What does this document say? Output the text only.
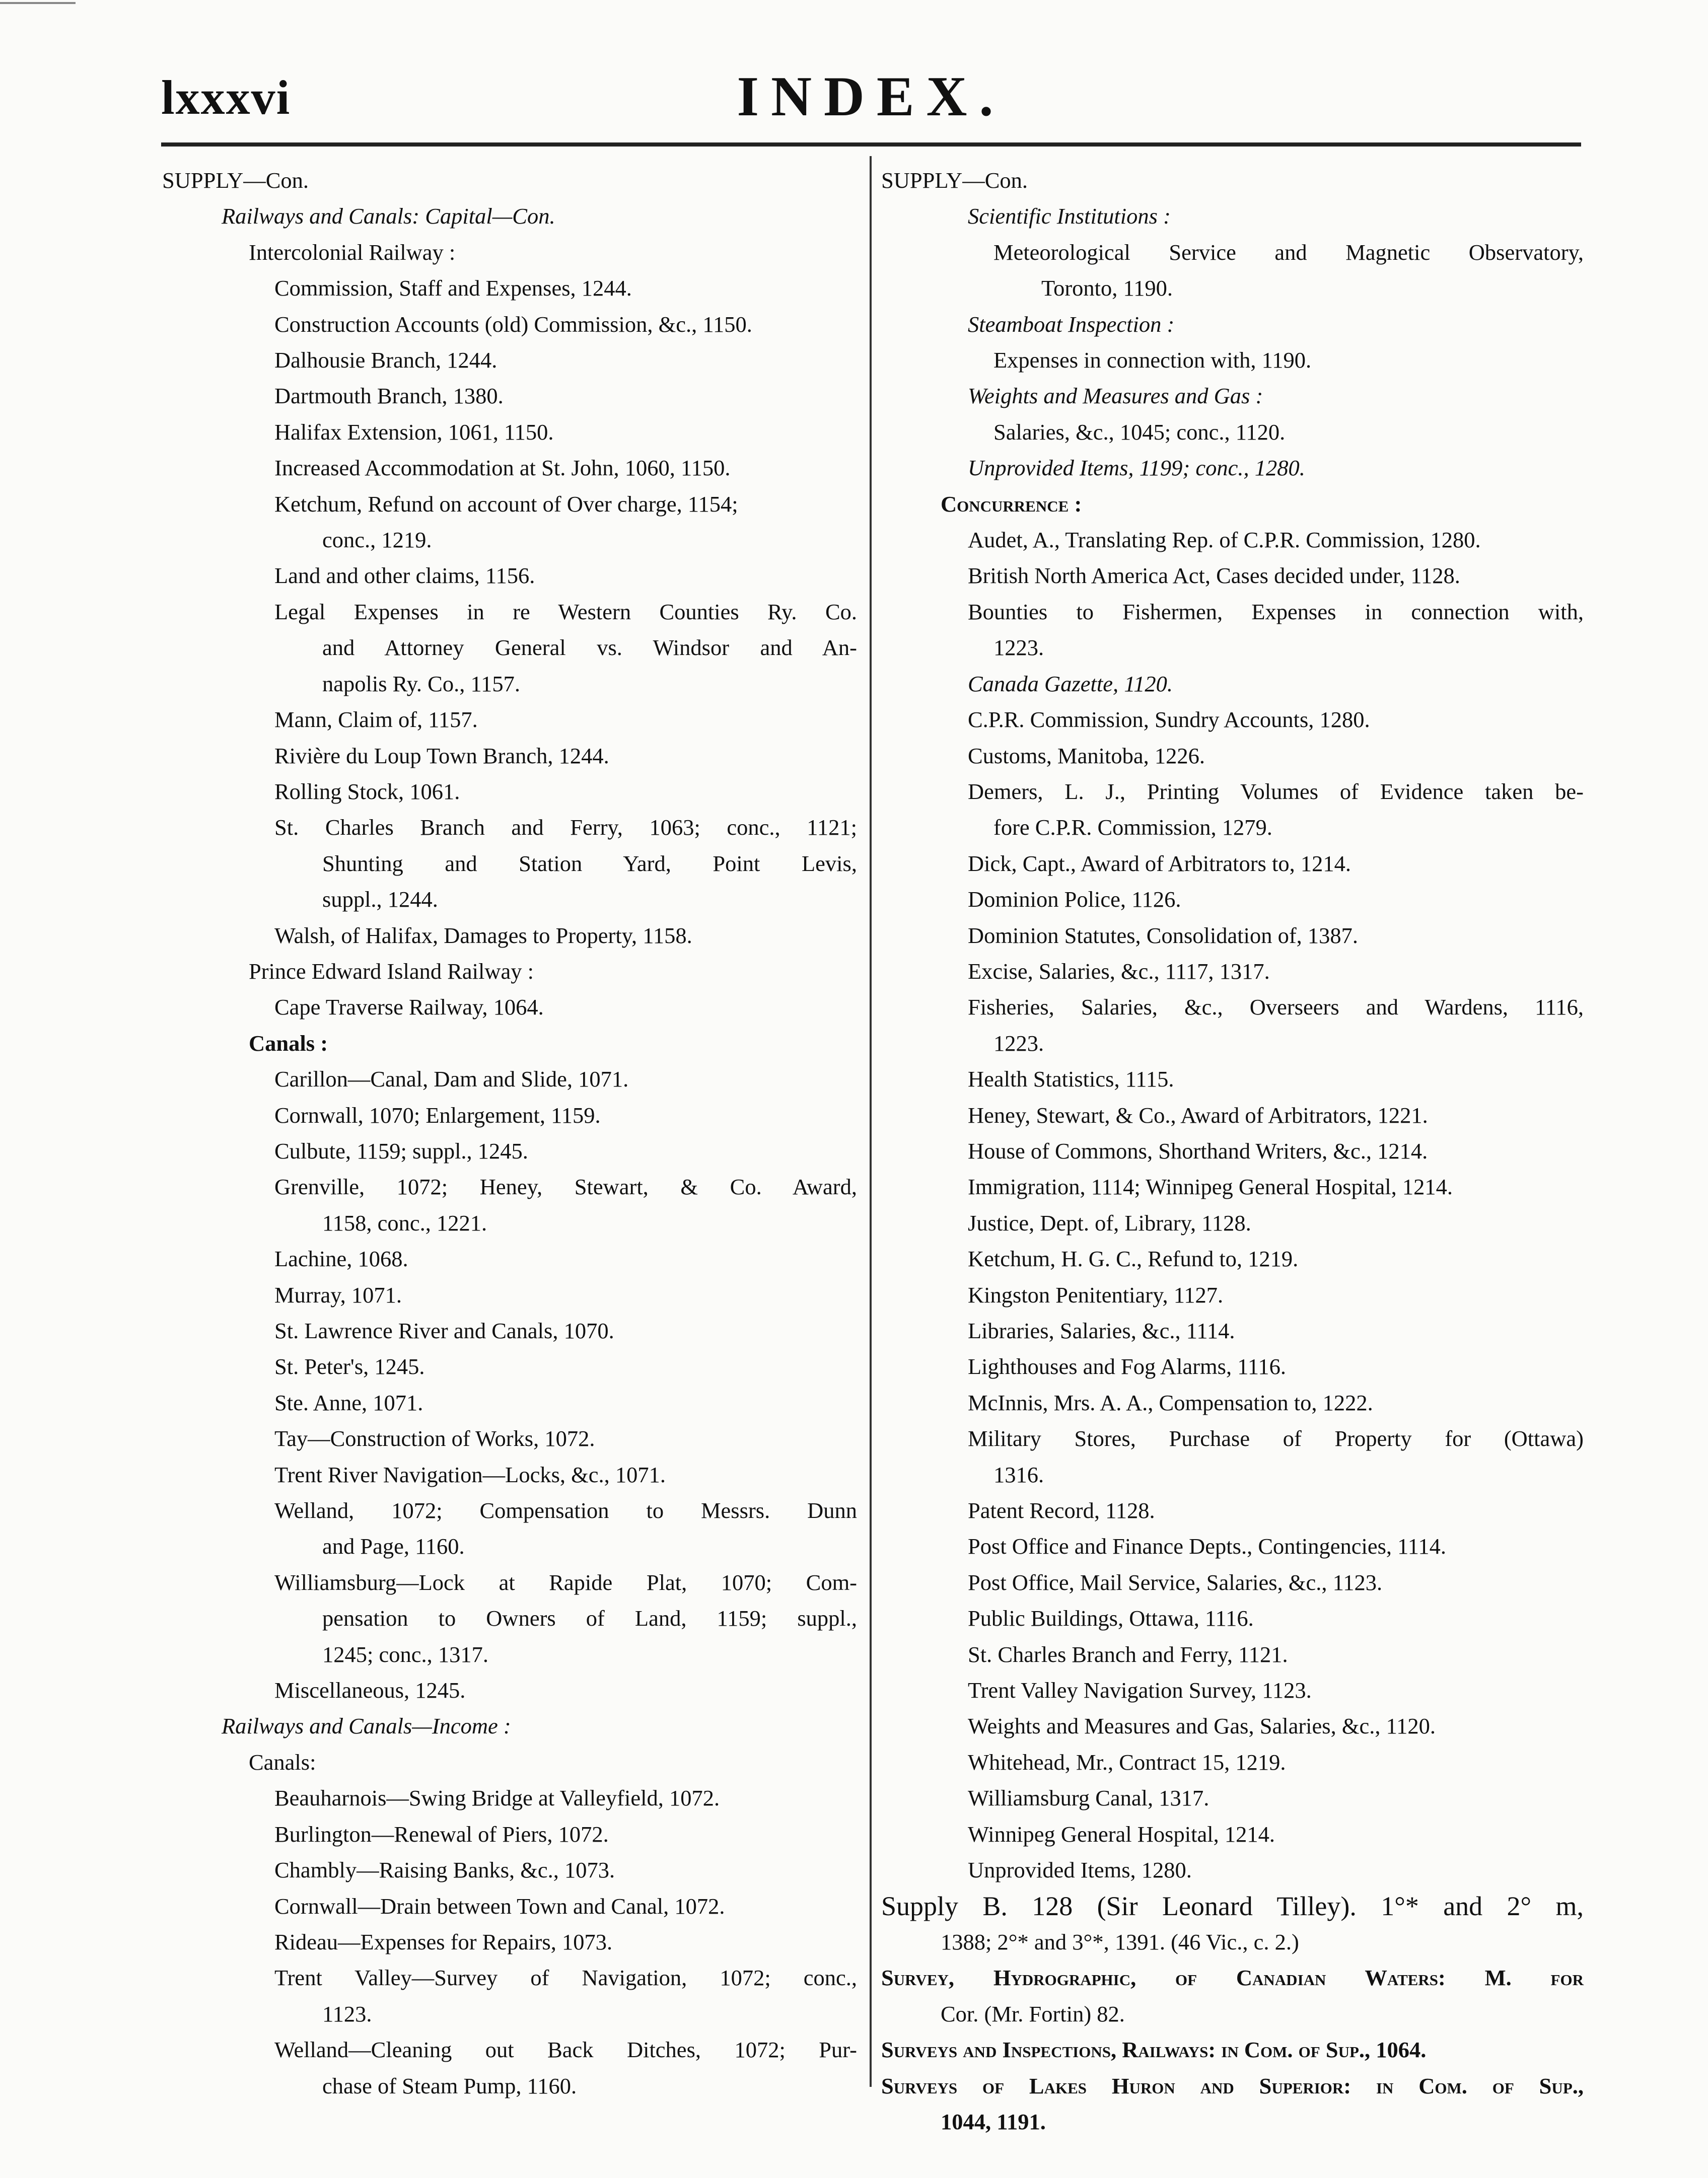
lxxxvi	INDEX.
SUPPLY—Con.
Railways and Canals: Capital—Con.
Intercolonial Railway :
Commission, Staff and Expenses, 1244.
Construction Accounts (old) Commission, &c., 1150.
Dalhousie Branch, 1244.
Dartmouth Branch, 1380.
Halifax Extension, 1061, 1150.
Increased Accommodation at St. John, 1060, 1150.
Ketchum, Refund on account of Over charge, 1154;
conc., 1219.
Land and other claims, 1156.
Legal Expenses in re Western Counties Ry. Co.
and Attorney General vs. Windsor and An-
napolis Ry. Co., 1157.
Mann, Claim of, 1157.
Rivière du Loup Town Branch, 1244.
Rolling Stock, 1061.
St. Charles Branch and Ferry, 1063; conc., 1121;
Shunting and Station Yard, Point Levis,
suppl., 1244.
Walsh, of Halifax, Damages to Property, 1158.
Prince Edward Island Railway :
Cape Traverse Railway, 1064.
Canals :
Carillon—Canal, Dam and Slide, 1071.
Cornwall, 1070; Enlargement, 1159.
Culbute, 1159; suppl., 1245.
Grenville, 1072; Heney, Stewart, & Co. Award,
1158, conc., 1221.
Lachine, 1068.
Murray, 1071.
St. Lawrence River and Canals, 1070.
St. Peter's, 1245.
Ste. Anne, 1071.
Tay—Construction of Works, 1072.
Trent River Navigation—Locks, &c., 1071.
Welland, 1072; Compensation to Messrs. Dunn
and Page, 1160.
Williamsburg—Lock at Rapide Plat, 1070; Com-
pensation to Owners of Land, 1159; suppl.,
1245; conc., 1317.
Miscellaneous, 1245.
Railways and Canals—Income :
Canals:
Beauharnois—Swing Bridge at Valleyfield, 1072.
Burlington—Renewal of Piers, 1072.
Chambly—Raising Banks, &c., 1073.
Cornwall—Drain between Town and Canal, 1072.
Rideau—Expenses for Repairs, 1073.
Trent Valley—Survey of Navigation, 1072; conc.,
1123.
Welland—Cleaning out Back Ditches, 1072; Pur-
chase of Steam Pump, 1160.
SUPPLY—Con.
Scientific Institutions :
Meteorological Service and Magnetic Observatory,
Toronto, 1190.
Steamboat Inspection :
Expenses in connection with, 1190.
Weights and Measures and Gas :
Salaries, &c., 1045; conc., 1120.
Unprovided Items, 1199; conc., 1280.
Concurrence :
Audet, A., Translating Rep. of C.P.R. Commission, 1280.
British North America Act, Cases decided under, 1128.
Bounties to Fishermen, Expenses in connection with,
1223.
Canada Gazette, 1120.
C.P.R. Commission, Sundry Accounts, 1280.
Customs, Manitoba, 1226.
Demers, L. J., Printing Volumes of Evidence taken be-
fore C.P.R. Commission, 1279.
Dick, Capt., Award of Arbitrators to, 1214.
Dominion Police, 1126.
Dominion Statutes, Consolidation of, 1387.
Excise, Salaries, &c., 1117, 1317.
Fisheries, Salaries, &c., Overseers and Wardens, 1116,
1223.
Health Statistics, 1115.
Heney, Stewart, & Co., Award of Arbitrators, 1221.
House of Commons, Shorthand Writers, &c., 1214.
Immigration, 1114; Winnipeg General Hospital, 1214.
Justice, Dept. of, Library, 1128.
Ketchum, H. G. C., Refund to, 1219.
Kingston Penitentiary, 1127.
Libraries, Salaries, &c., 1114.
Lighthouses and Fog Alarms, 1116.
McInnis, Mrs. A. A., Compensation to, 1222.
Military Stores, Purchase of Property for (Ottawa)
1316.
Patent Record, 1128.
Post Office and Finance Depts., Contingencies, 1114.
Post Office, Mail Service, Salaries, &c., 1123.
Public Buildings, Ottawa, 1116.
St. Charles Branch and Ferry, 1121.
Trent Valley Navigation Survey, 1123.
Weights and Measures and Gas, Salaries, &c., 1120.
Whitehead, Mr., Contract 15, 1219.
Williamsburg Canal, 1317.
Winnipeg General Hospital, 1214.
Unprovided Items, 1280.
Supply B. 128 (Sir Leonard Tilley). 1°* and 2° m,
1388; 2°* and 3°*, 1391. (46 Vic., c. 2.)
Survey, Hydrographic, of Canadian Waters: M. for
Cor. (Mr. Fortin) 82.
Surveys and Inspections, Railways: in Com. of Sup., 1064.
Surveys of Lakes Huron and Superior: in Com. of Sup.,
1044, 1191.
